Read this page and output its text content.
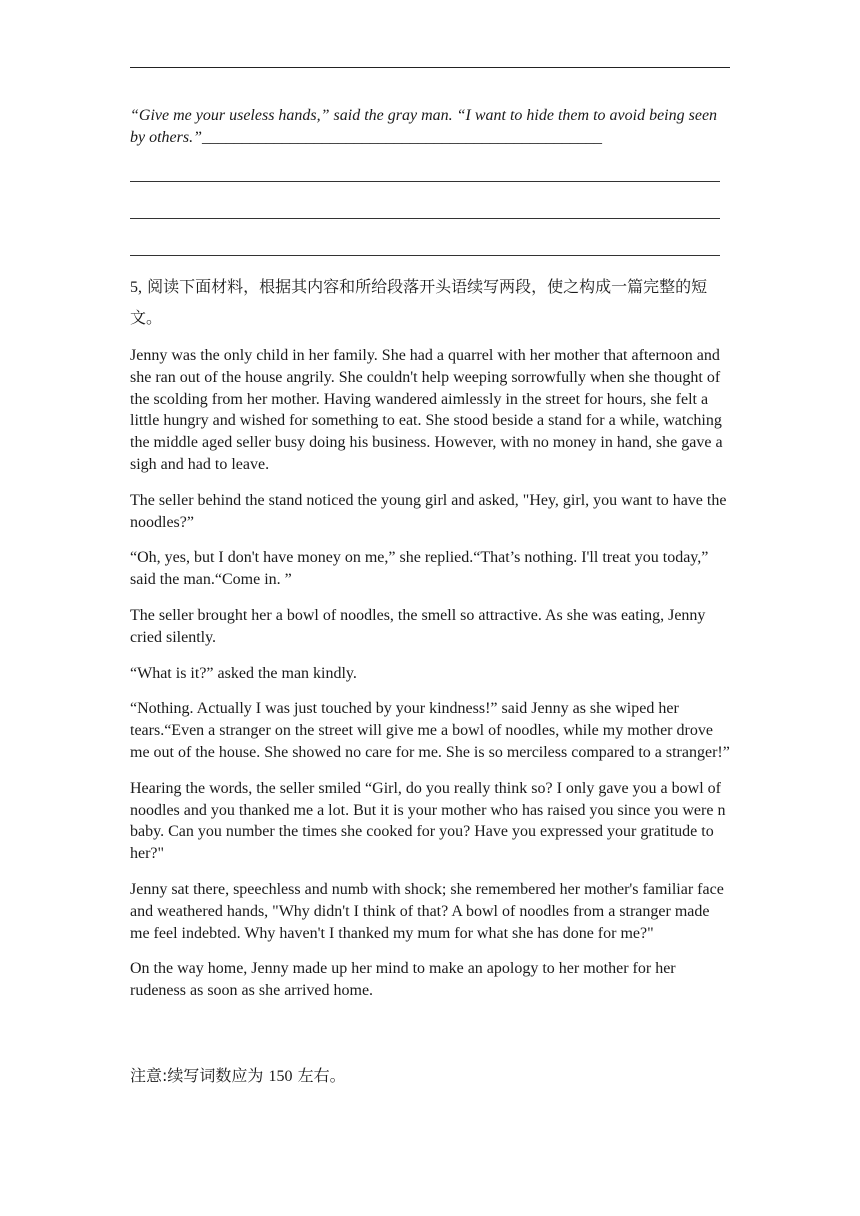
“Give me your useless hands,” said the gray man. “I want to hide them to avoid being seen by others.”__________________________________________________
5, 阅读下面材料，根据其内容和所给段落开头语续写两段，使之构成一篇完整的短文。

Jenny was the only child in her family. She had a quarrel with her mother that afternoon and she ran out of the house angrily. She couldn't help weeping sorrowfully when she thought of the scolding from her mother. Having wandered aimlessly in the street for hours, she felt a little hungry and wished for something to eat. She stood beside a stand for a while, watching the middle aged seller busy doing his business. However, with no money in hand, she gave a sigh and had to leave.

The seller behind the stand noticed the young girl and asked, "Hey, girl, you want to have the noodles?”

“Oh, yes, but I don't have money on me,” she replied.“That’s nothing. I'll treat you today,” said the man.“Come in. ”

The seller brought her a bowl of noodles, the smell so attractive. As she was eating, Jenny cried silently.

“What is it?” asked the man kindly.

“Nothing. Actually I was just touched by your kindness!” said Jenny as she wiped her tears.“Even a stranger on the street will give me a bowl of noodles, while my mother drove me out of the house. She showed no care for me. She is so merciless compared to a stranger!”

Hearing the words, the seller smiled “Girl, do you really think so? I only gave you a bowl of noodles and you thanked me a lot. But it is your mother who has raised you since you were n baby. Can you number the times she cooked for you? Have you expressed your gratitude to her?"

Jenny sat there, speechless and numb with shock; she remembered her mother's familiar face and weathered hands, "Why didn't I think of that? A bowl of noodles from a stranger made me feel indebted. Why haven't I thanked my mum for what she has done for me?"

On the way home, Jenny made up her mind to make an apology to her mother for her rudeness as soon as she arrived home.

注意:续写词数应为 150 左右。
